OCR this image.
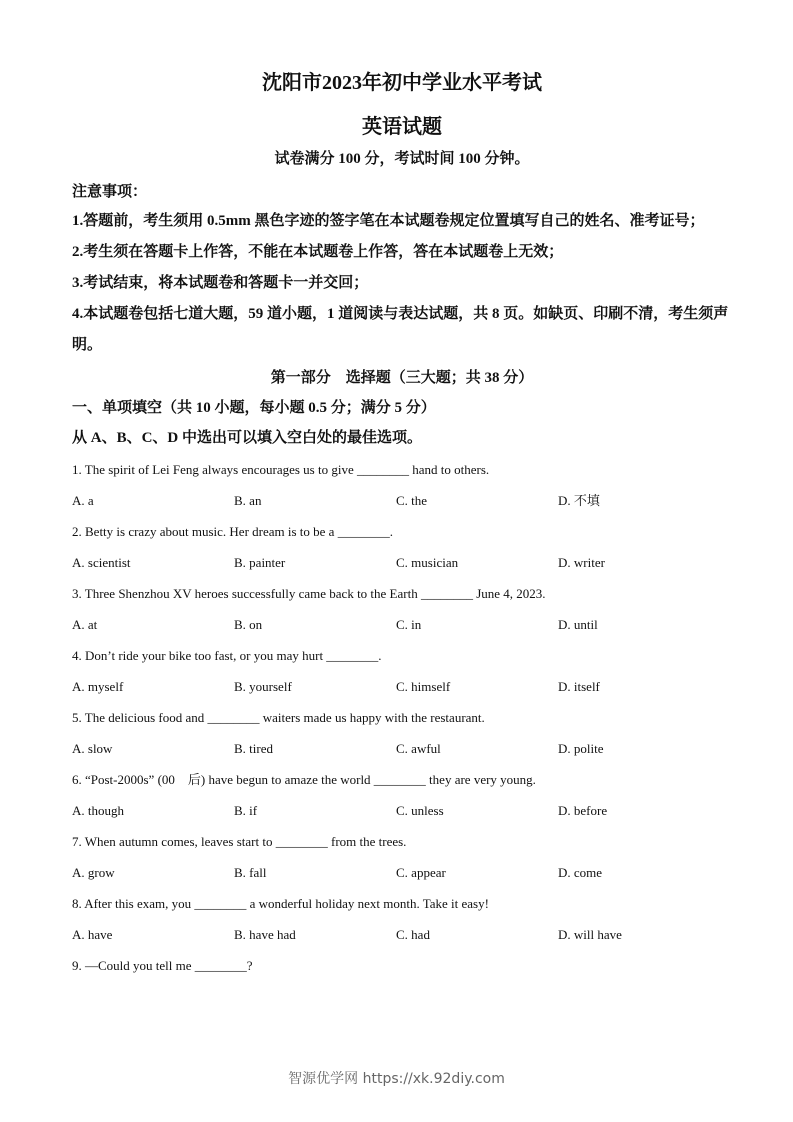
沈阳市2023年初中学业水平考试
英语试题
试卷满分 100 分，考试时间 100 分钟。
注意事项：
1.答题前，考生须用 0.5mm 黑色字迹的签字笔在本试题卷规定位置填写自己的姓名、准考证号；
2.考生须在答题卡上作答，不能在本试题卷上作答，答在本试题卷上无效；
3.考试结束，将本试题卷和答题卡一并交回；
4.本试题卷包括七道大题，59 道小题，1 道阅读与表达试题，共 8 页。如缺页、印刷不清，考生须声明。
第一部分　选择题（三大题；共 38 分）
一、单项填空（共 10 小题，每小题 0.5 分；满分 5 分）
从 A、B、C、D 中选出可以填入空白处的最佳选项。
1. The spirit of Lei Feng always encourages us to give ________ hand to others.
A. a	B. an	C. the	D. 不填
2. Betty is crazy about music. Her dream is to be a ________.
A. scientist	B. painter	C. musician	D. writer
3. Three Shenzhou XV heroes successfully came back to the Earth ________ June 4, 2023.
A. at	B. on	C. in	D. until
4. Don’t ride your bike too fast, or you may hurt ________.
A. myself	B. yourself	C. himself	D. itself
5. The delicious food and ________ waiters made us happy with the restaurant.
A. slow	B. tired	C. awful	D. polite
6. “Post-2000s” (00　后) have begun to amaze the world ________ they are very young.
A. though	B. if	C. unless	D. before
7. When autumn comes, leaves start to ________ from the trees.
A. grow	B. fall	C. appear	D. come
8. After this exam, you ________ a wonderful holiday next month. Take it easy!
A. have	B. have had	C. had	D. will have
9. —Could you tell me ________?
智源优学网 https://xk.92diy.com
